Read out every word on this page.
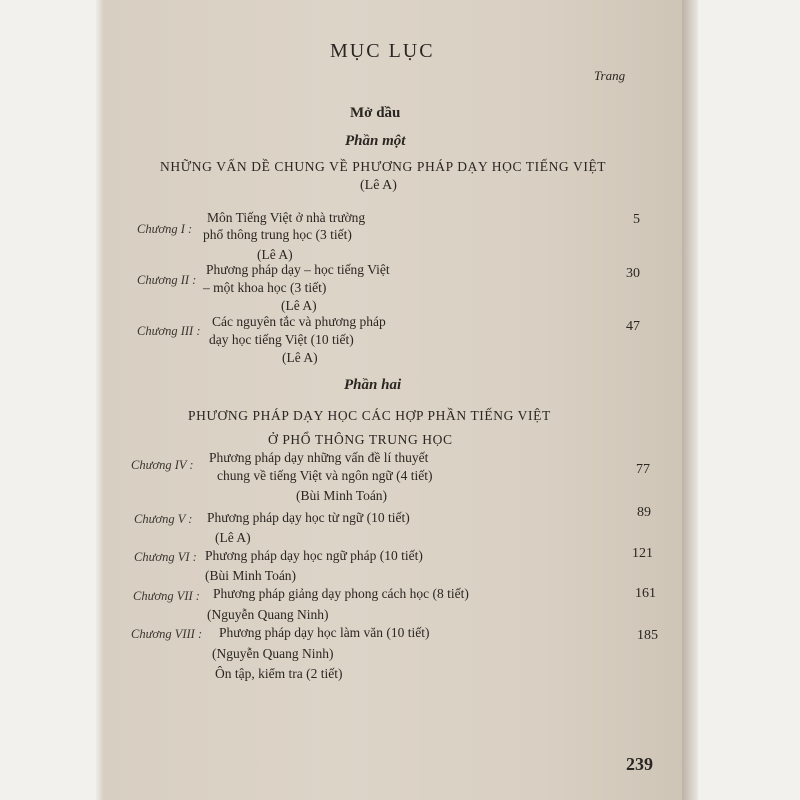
MỤC LỤC
Trang
Mở dầu
Phần một
NHỮNG VẤN DỀ CHUNG VỀ PHƯƠNG PHÁP DẠY HỌC TIẾNG VIỆT
(Lê A)
Chương I :
Môn Tiếng Việt ở nhà trường
phổ thông trung học (3 tiết)
(Lê A)
5
Chương II :
Phương pháp dạy – học tiếng Việt
– một khoa học (3 tiết)
(Lê A)
30
Chương III :
Các nguyên tắc và phương pháp
dạy học tiếng Việt (10 tiết)
(Lê A)
47
Phần hai
PHƯƠNG PHÁP DẠY HỌC CÁC HỢP PHẦN TIẾNG VIỆT
Ở PHỔ THÔNG TRUNG HỌC
Chương IV : Phương pháp dạy những vấn đề lí thuyết
chung về tiếng Việt và ngôn ngữ (4 tiết)
(Bùi Minh Toán)
77
Chương V : Phương pháp dạy học từ ngữ (10 tiết)
(Lê A)
89
Chương VI : Phương pháp dạy học ngữ pháp (10 tiết)
(Bùi Minh Toán)
121
Chương VII : Phương pháp giảng dạy phong cách học (8 tiết)
(Nguyễn Quang Ninh)
161
Chương VIII : Phương pháp dạy học làm văn (10 tiết)
(Nguyễn Quang Ninh)
185
Ôn tập, kiểm tra (2 tiết)
239
